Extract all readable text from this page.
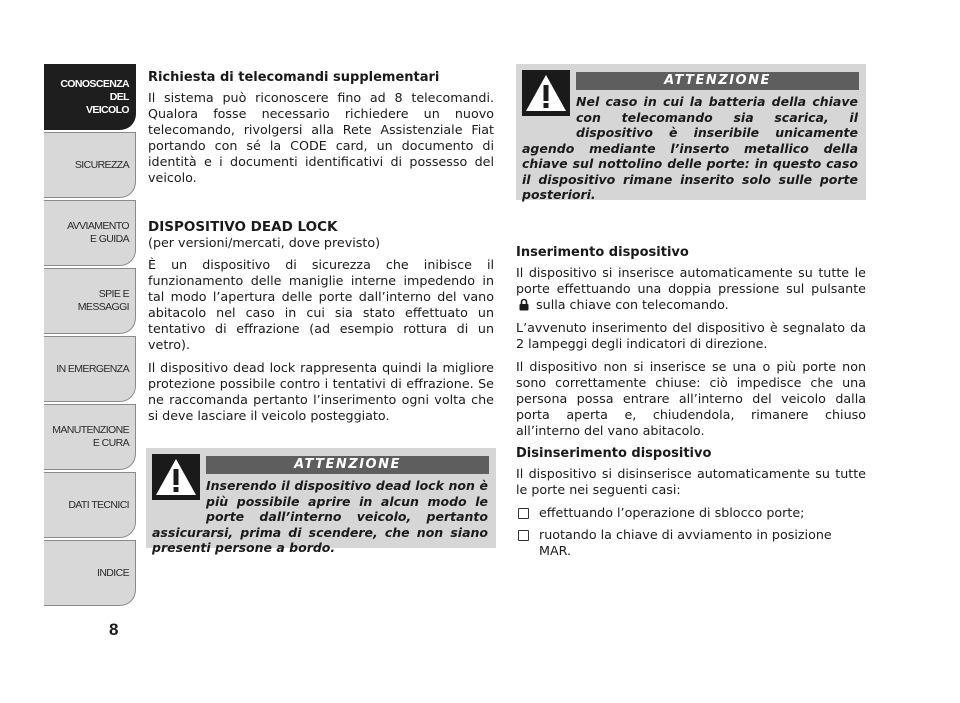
CONOSCENZA
DEL
VEICOLO
SICUREZZA
AVVIAMENTO
E GUIDA
SPIE E
MESSAGGI
IN EMERGENZA
MANUTENZIONE
E CURA
DATI TECNICI
INDICE
8
Richiesta di telecomandi supplementari

Il sistema può riconoscere fino ad 8 telecomandi. Qualora fosse necessario richiedere un nuovo telecomando, rivolgersi alla Rete Assistenziale Fiat portando con sé la CODE card, un documento di identità e i documenti identificativi di possesso del veicolo.

DISPOSITIVO DEAD LOCK
(per versioni/mercati, dove previsto)

È un dispositivo di sicurezza che inibisce il funzionamento delle maniglie interne impedendo in tal modo l’apertura delle porte dall’interno del vano abitacolo nel caso in cui sia stato effettuato un tentativo di effrazione (ad esempio rottura di un vetro).

Il dispositivo dead lock rappresenta quindi la migliore protezione possibile contro i tentativi di effrazione. Se ne raccomanda pertanto l’inserimento ogni volta che si deve lasciare il veicolo posteggiato.

ATTENZIONE
Nel caso in cui la batteria della chiave con telecomando sia scarica, il dispositivo è inseribile unicamente agendo mediante l’inserto metallico della chiave sul nottolino delle porte: in questo caso il dispositivo rimane inserito solo sulle porte posteriori.
ATTENZIONE
Inserendo il dispositivo dead lock non è più possibile aprire in alcun modo le porte dall’interno veicolo, pertanto assicurarsi, prima di scendere, che non siano presenti persone a bordo.
Inserimento dispositivo

Il dispositivo si inserisce automaticamente su tutte le porte effettuando una doppia pressione sul pulsante  sulla chiave con telecomando.

L’avvenuto inserimento del dispositivo è segnalato da 2 lampeggi degli indicatori di direzione.

Il dispositivo non si inserisce se una o più porte non sono correttamente chiuse: ciò impedisce che una persona possa entrare all’interno del veicolo dalla porta aperta e, chiudendola, rimanere chiuso all’interno del vano abitacolo.

Disinserimento dispositivo

Il dispositivo si disinserisce automaticamente su tutte le porte nei seguenti casi:

effettuando l’operazione di sblocco porte;
ruotando la chiave di avviamento in posizione MAR.
